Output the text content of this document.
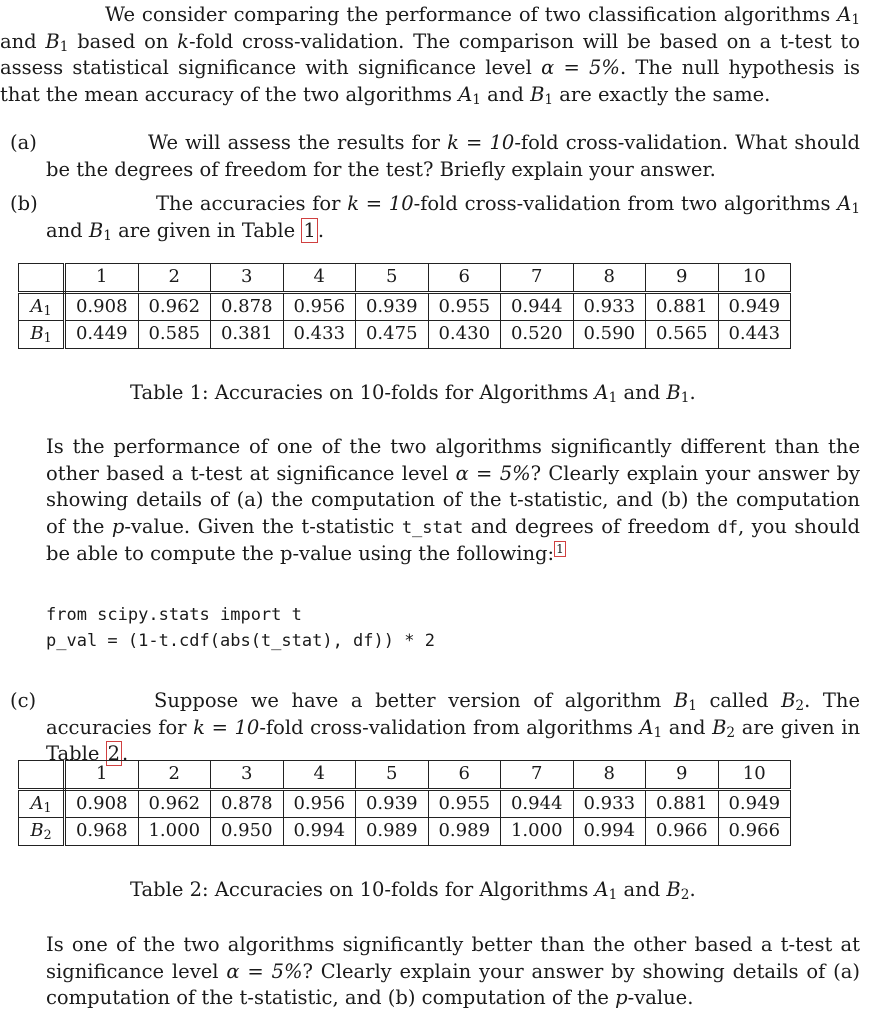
We consider comparing the performance of two classification algorithms $A_1$ and $B_1$ based on k-fold cross-validation. The comparison will be based on a t-test to assess statistical significance with significance level α = 5%. The null hypothesis is that the mean accuracy of the two algorithms $A_1$ and $B_1$ are exactly the same.
(a)	We will assess the results for k = 10-fold cross-validation. What should be the degrees of freedom for the test? Briefly explain your answer.
(b)	The accuracies for k = 10-fold cross-validation from two algorithms $A_1$ and $B_1$ are given in Table 1 .
	1	2	3	4	5	6	7	8	9	10
$A_1$	0.908	0.962	0.878	0.956	0.939	0.955	0.944	0.933	0.881	0.949
$B_1$	0.449	0.585	0.381	0.433	0.475	0.430	0.520	0.590	0.565	0.443
Table 1: Accuracies on 10-folds for Algorithms $A_1$ and $B_1$.
Is the performance of one of the two algorithms significantly different than the other based a t-test at significance level α = 5%? Clearly explain your answer by showing details of (a) the computation of the t-statistic, and (b) the computation of the p-value. Given the t-statistic t_stat and degrees of freedom df, you should be able to compute the p-value using the following: $^1$
from scipy.stats import t
p_val = (1-t.cdf(abs(t_stat), df)) * 2
(c)	Suppose we have a better version of algorithm $B_1$ called $B_2$. The accuracies for k = 10-fold cross-validation from algorithms $A_1$ and $B_2$ are given in Table 2 .
	1	2	3	4	5	6	7	8	9	10
$A_1$	0.908	0.962	0.878	0.956	0.939	0.955	0.944	0.933	0.881	0.949
$B_2$	0.968	1.000	0.950	0.994	0.989	0.989	1.000	0.994	0.966	0.966
Table 2: Accuracies on 10-folds for Algorithms $A_1$ and $B_2$.
Is one of the two algorithms significantly better than the other based a t-test at significance level α = 5%? Clearly explain your answer by showing details of (a) computation of the t-statistic, and (b) computation of the p-value.
